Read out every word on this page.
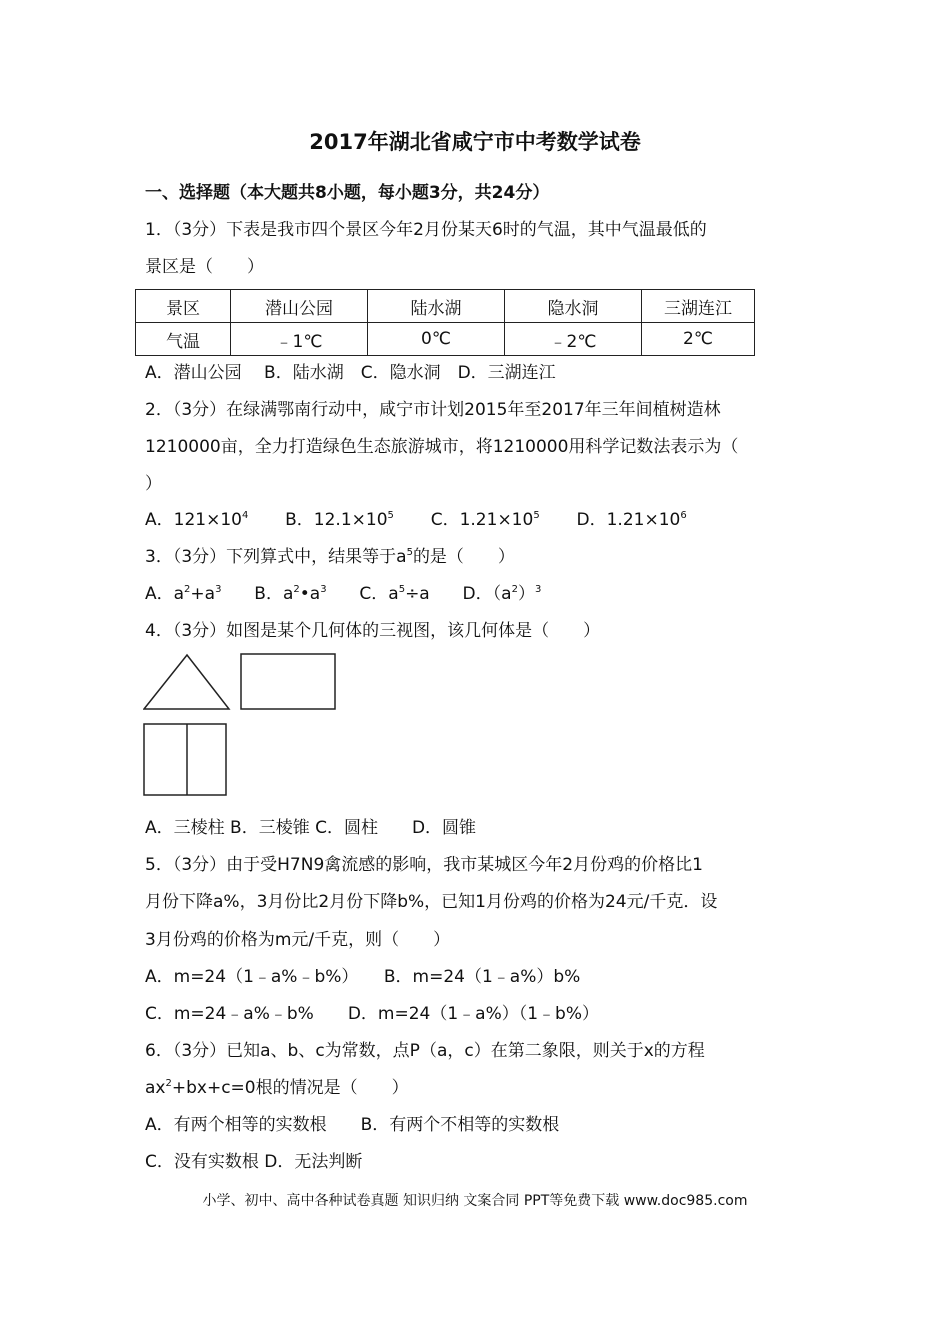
2017年湖北省咸宁市中考数学试卷
一、选择题（本大题共8小题，每小题3分，共24分）
1．（3分）下表是我市四个景区今年2月份某天6时的气温，其中气温最低的
景区是（　　）
景区	潜山公园	陆水湖	隐水洞	三湖连江
气温	﹣1℃	0℃	﹣2℃	2℃
A．潜山公园　 B．陆水湖　C．隐水洞　D．三湖连江
2．（3分）在绿满鄂南行动中，咸宁市计划2015年至2017年三年间植树造林
1210000亩，全力打造绿色生态旅游城市，将1210000用科学记数法表示为（
）
A．$121\times 10^4$ B．$12.1\times 10^5$ C．$1.21\times 10^5$ D．$1.21\times 10^6$
3．（3分）下列算式中，结果等于$a^5$的是（　　）
A．$a^2+a^3$ B．$a^2•a^3$ C．$a^5\div a$ D．$(a^2)^3$
4．（3分）如图是某个几何体的三视图，该几何体是（　　）
A．三棱柱 B．三棱锥 C．圆柱　　D．圆锥
5．（3分）由于受H7N9禽流感的影响，我市某城区今年2月份鸡的价格比1
月份下降a%，3月份比2月份下降b%，已知1月份鸡的价格为24元/千克．设
3月份鸡的价格为m元/千克，则（　　）
A．m=24（1﹣a%﹣b%）　　B．m=24（1﹣a%）b%
C．m=24﹣a%﹣b%　　D．m=24（1﹣a%）（1﹣b%）
6．（3分）已知a、b、c为常数，点P（a，c）在第二象限，则关于x的方程
$ax^2+bx+c=0$根的情况是（　　）
A．有两个相等的实数根　　B．有两个不相等的实数根
C．没有实数根 D．无法判断
小学、初中、高中各种试卷真题 知识归纳 文案合同 PPT等免费下载 www.doc985.com
